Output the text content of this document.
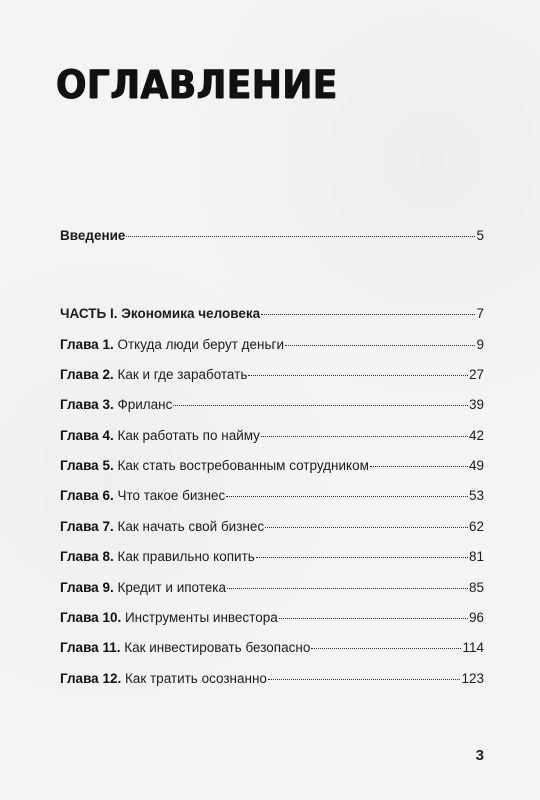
ОГЛАВЛЕНИЕ
Введение	5
ЧАСТЬ I. Экономика человека	7
Глава 1. Откуда люди берут деньги	9
Глава 2. Как и где заработать	27
Глава 3. Фриланс	39
Глава 4. Как работать по найму	42
Глава 5. Как стать востребованным сотрудником	49
Глава 6. Что такое бизнес	53
Глава 7. Как начать свой бизнес	62
Глава 8. Как правильно копить	81
Глава 9. Кредит и ипотека	85
Глава 10. Инструменты инвестора	96
Глава 11. Как инвестировать безопасно	114
Глава 12. Как тратить осознанно	123
3
